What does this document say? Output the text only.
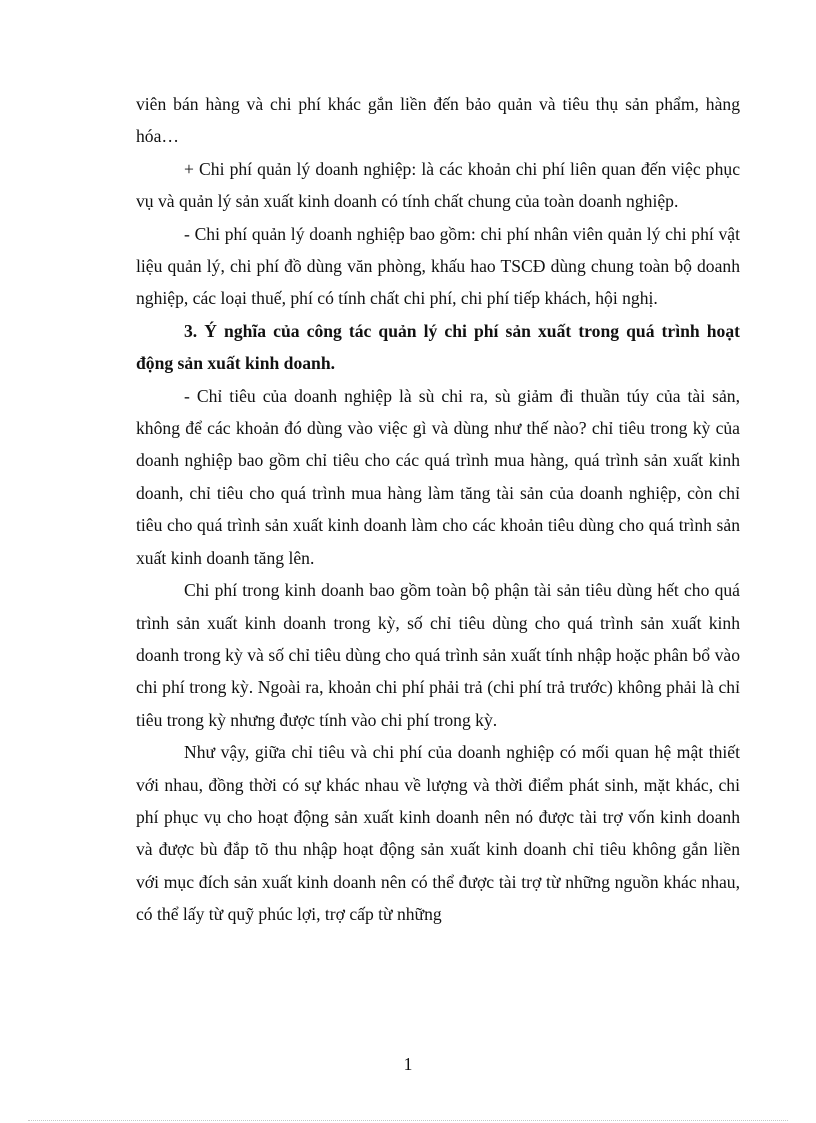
viên bán hàng và chi phí khác gắn liền đến bảo quản và tiêu thụ sản phẩm, hàng hóa…

+ Chi phí quản lý doanh nghiệp: là các khoản chi phí liên quan đến việc phục vụ và quản lý sản xuất kinh doanh có tính chất chung của toàn doanh nghiệp.

- Chi phí quản lý doanh nghiệp bao gồm: chi phí nhân viên quản lý chi phí vật liệu quản lý, chi phí đồ dùng văn phòng, khấu hao TSCĐ dùng chung toàn bộ doanh nghiệp, các loại thuế, phí có tính chất chi phí, chi phí tiếp khách, hội nghị.

3. Ý nghĩa của công tác quản lý chi phí sản xuất trong quá trình hoạt động sản xuất kinh doanh.

- Chỉ tiêu của doanh nghiệp là sù chi ra, sù giảm đi thuần túy của tài sản, không để các khoản đó dùng vào việc gì và dùng như thế nào? chỉ tiêu trong kỳ của doanh nghiệp bao gồm chỉ tiêu cho các quá trình mua hàng, quá trình sản xuất kinh doanh, chỉ tiêu cho quá trình mua hàng làm tăng tài sản của doanh nghiệp, còn chỉ tiêu cho quá trình sản xuất kinh doanh làm cho các khoản tiêu dùng cho quá trình sản xuất kinh doanh tăng lên.

Chi phí trong kinh doanh bao gồm toàn bộ phận tài sản tiêu dùng hết cho quá trình sản xuất kinh doanh trong kỳ, số chỉ tiêu dùng cho quá trình sản xuất kinh doanh trong kỳ và số chỉ tiêu dùng cho quá trình sản xuất tính nhập hoặc phân bổ vào chi phí trong kỳ. Ngoài ra, khoản chi phí phải trả (chi phí trả trước) không phải là chỉ tiêu trong kỳ nhưng được tính vào chi phí trong kỳ.

Như vậy, giữa chỉ tiêu và chi phí của doanh nghiệp có mối quan hệ mật thiết với nhau, đồng thời có sự khác nhau về lượng và thời điểm phát sinh, mặt khác, chi phí phục vụ cho hoạt động sản xuất kinh doanh nên nó được tài trợ vốn kinh doanh và được bù đắp tõ thu nhập hoạt động sản xuất kinh doanh chỉ tiêu không gắn liền với mục đích sản xuất kinh doanh nên có thể được tài trợ từ những nguồn khác nhau, có thể lấy từ quỹ phúc lợi, trợ cấp từ những

1
